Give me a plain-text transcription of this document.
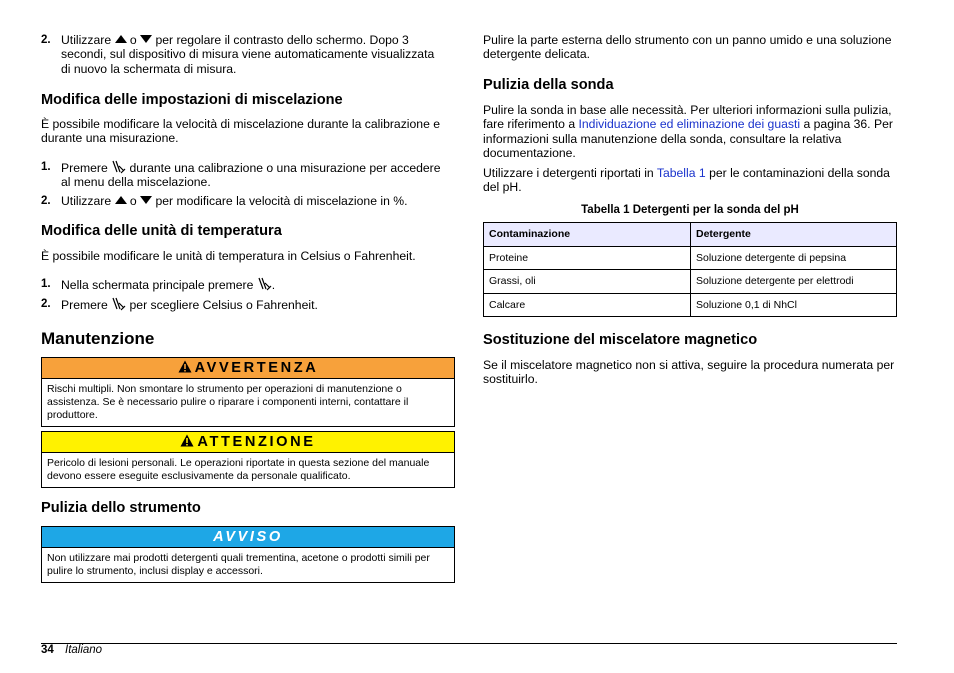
2. Utilizzare o per regolare il contrasto dello schermo. Dopo 3 secondi, sul dispositivo di misura viene automaticamente visualizzata di nuovo la schermata di misura.
Modifica delle impostazioni di miscelazione

È possibile modificare la velocità di miscelazione durante la calibrazione e durante una misurazione.

1. Premere durante una calibrazione o una misurazione per accedere al menu della miscelazione.
2. Utilizzare o per modificare la velocità di miscelazione in %.
Modifica delle unità di temperatura

È possibile modificare le unità di temperatura in Celsius o Fahrenheit.

1. Nella schermata principale premere .
2. Premere per scegliere Celsius o Fahrenheit.
Manutenzione
AVVERTENZA
Rischi multipli. Non smontare lo strumento per operazioni di manutenzione o assistenza. Se è necessario pulire o riparare i componenti interni, contattare il produttore.
ATTENZIONE
Pericolo di lesioni personali. Le operazioni riportate in questa sezione del manuale devono essere eseguite esclusivamente da personale qualificato.
Pulizia dello strumento
AVVISO
Non utilizzare mai prodotti detergenti quali trementina, acetone o prodotti simili per pulire lo strumento, inclusi display e accessori.

Pulire la parte esterna dello strumento con un panno umido e una soluzione detergente delicata.

Pulizia della sonda

Pulire la sonda in base alle necessità. Per ulteriori informazioni sulla pulizia, fare riferimento a Individuazione ed eliminazione dei guasti a pagina 36. Per informazioni sulla manutenzione della sonda, consultare la relativa documentazione.

Utilizzare i detergenti riportati in Tabella 1 per le contaminazioni della sonda del pH.

Tabella 1 Detergenti per la sonda del pH
Contaminazione	Detergente
Proteine	Soluzione detergente di pepsina
Grassi, oli	Soluzione detergente per elettrodi
Calcare	Soluzione 0,1 di NhCl
Sostituzione del miscelatore magnetico

Se il miscelatore magnetico non si attiva, seguire la procedura numerata per sostituirlo.

34 Italiano
